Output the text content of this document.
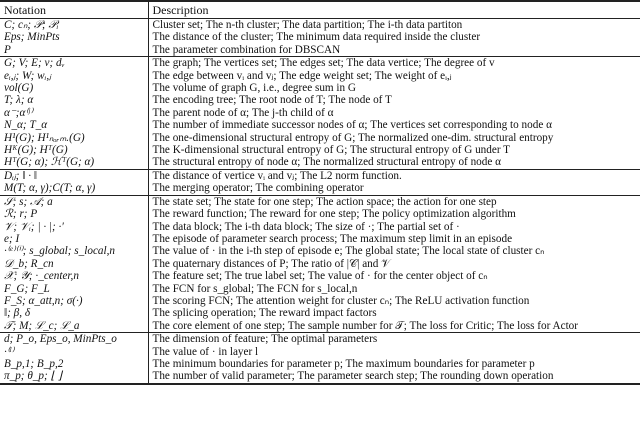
Notation	Description
C; cₙ; 𝒫; 𝒫ᵢ	Cluster set; The n-th cluster; The data partition; The i-th data partiton
Eps; MinPts	The distance of the cluster; The minimum data required inside the cluster
P	The parameter combination for DBSCAN
G; V; E; v; dᵥ	The graph; The vertices set; The edges set; The data vertice; The degree of v
eᵢ,ⱼ; W; wᵢ,ⱼ	The edge between vᵢ and vⱼ; The edge weight set; The weight of eᵢ,ⱼ
vol(G)	The volume of graph G, i.e., degree sum in G
T; λ; α	The encoding tree; The root node of T; The node of T
α⁻;α⁽ʲ⁾	The parent node of α; The j-th child of α
N_α; T_α	The number of immediate successor nodes of α; The vertices set corresponding to node α
H¹(G); H¹ₙₒᵣₘ.(G)	The one-dimensional structural entropy of G; The normalized one-dim. structural entropy
Hᴷ(G); Hᵀ(G)	The K-dimensional structural entropy of G; The structural entropy of G under T
Hᵀ(G; α); ℋᵀ(G; α)	The structural entropy of node α; The normalized structural entropy of node α
Dᵢⱼ; ‖ · ‖	The distance of vertice vᵢ and vⱼ; The L2 norm function.
M(T; α, γ);C(T; α, γ)	The merging operator; The combining operator
𝒮; s; 𝒜; a	The state set; The state for one step; The action space; the action for one step
ℛ; r; P	The reward function; The reward for one step; The policy optimization algorithm
𝒱; 𝒱ᵢ; | · |; ·′	The data block; The i-th data block; The size of ·; The partial set of ·
e; I	The episode of parameter search process; The maximum step limit in an episode
·⁽ᵉ⁾⁽ⁱ⁾; s_global; s_local,n	The value of · in the i-th step of episode e; The global state; The local state of cluster cₙ
𝒟_b; R_cn	The quaternary distances of P; The ratio of |𝒞| and 𝒱
𝒳; 𝒴; ·_center,n	The feature set; The true label set; The value of · for the center object of cₙ
F_G; F_L	The FCN for s_global; The FCN for s_local,n
F_S; α_att,n; σ(·)	The scoring FCN; The attention weight for cluster cₙ; The ReLU activation function
‖; β, δ	The splicing operation; The reward impact factors
𝒯; M; ℒ_c; ℒ_a	The core element of one step; The sample number for 𝒯; The loss for Critic; The loss for Actor
d; P_o, Eps_o, MinPts_o	The dimension of feature; The optimal parameters
·⁽ˡ⁾	The value of · in layer l
B_p,1; B_p,2	The minimum boundaries for parameter p; The maximum boundaries for parameter p
π_p; θ_p; ⌊ ⌋	The number of valid parameter; The parameter search step; The rounding down operation
